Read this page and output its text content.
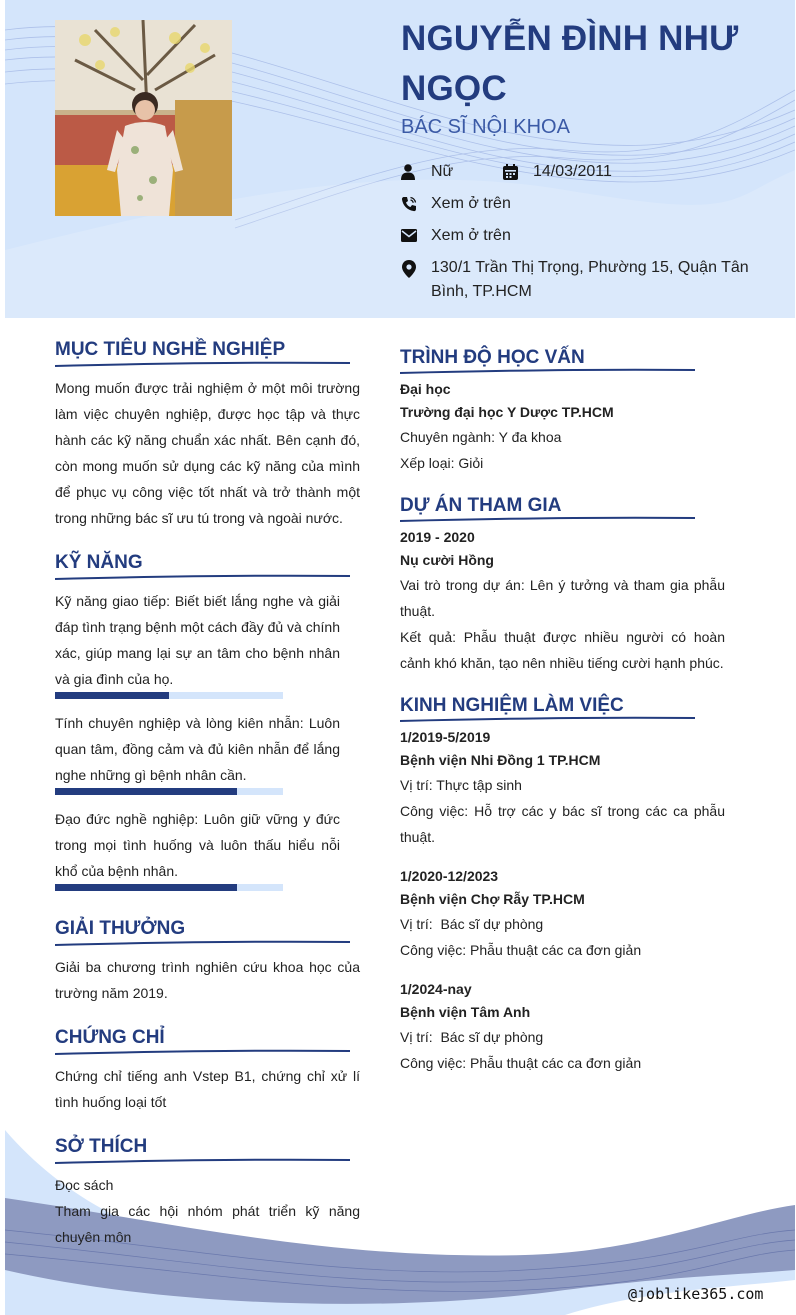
NGUYỄN ĐÌNH NHƯ NGỌC
BÁC SĨ NỘI KHOA
Nữ	14/03/2011
Xem ở trên
Xem ở trên
130/1 Trần Thị Trọng, Phường 15, Quận Tân Bình, TP.HCM
MỤC TIÊU NGHỀ NGHIỆP

Mong muốn được trải nghiệm ở một môi trường làm việc chuyên nghiệp, được học tập và thực hành các kỹ năng chuẩn xác nhất. Bên cạnh đó, còn mong muốn sử dụng các kỹ năng của mình để phục vụ công việc tốt nhất và trở thành một trong những bác sĩ ưu tú trong và ngoài nước.

KỸ NĂNG

Kỹ năng giao tiếp: Biết biết lắng nghe và giải đáp tình trạng bệnh một cách đầy đủ và chính xác, giúp mang lại sự an tâm cho bệnh nhân và gia đình của họ.

Tính chuyên nghiệp và lòng kiên nhẫn: Luôn quan tâm, đồng cảm và đủ kiên nhẫn để lắng nghe những gì bệnh nhân cần.

Đạo đức nghề nghiệp: Luôn giữ vững y đức trong mọi tình huống và luôn thấu hiểu nỗi khổ của bệnh nhân.

GIẢI THƯỞNG

Giải ba chương trình nghiên cứu khoa học của trường năm 2019.

CHỨNG CHỈ

Chứng chỉ tiếng anh Vstep B1, chứng chỉ xử lí tình huống loại tốt

SỞ THÍCH

Đọc sách

Tham gia các hội nhóm phát triển kỹ năng chuyên môn

TRÌNH ĐỘ HỌC VẤN
Đại học
Trường đại học Y Dược TP.HCM
Chuyên ngành: Y đa khoa
Xếp loại: Giỏi
DỰ ÁN THAM GIA
2019 - 2020
Nụ cười Hồng

Vai trò trong dự án: Lên ý tưởng và tham gia phẫu thuật.

Kết quả: Phẫu thuật được nhiều người có hoàn cảnh khó khăn, tạo nên nhiều tiếng cười hạnh phúc.

KINH NGHIỆM LÀM VIỆC
1/2019-5/2019
Bệnh viện Nhi Đồng 1 TP.HCM
Vị trí: Thực tập sinh

Công việc: Hỗ trợ các y bác sĩ trong các ca phẫu thuật.

1/2020-12/2023
Bệnh viện Chợ Rẫy TP.HCM
Vị trí:  Bác sĩ dự phòng
Công việc: Phẫu thuật các ca đơn giản
1/2024-nay
Bệnh viện Tâm Anh
Vị trí:  Bác sĩ dự phòng
Công việc: Phẫu thuật các ca đơn giản
@joblike365.com
